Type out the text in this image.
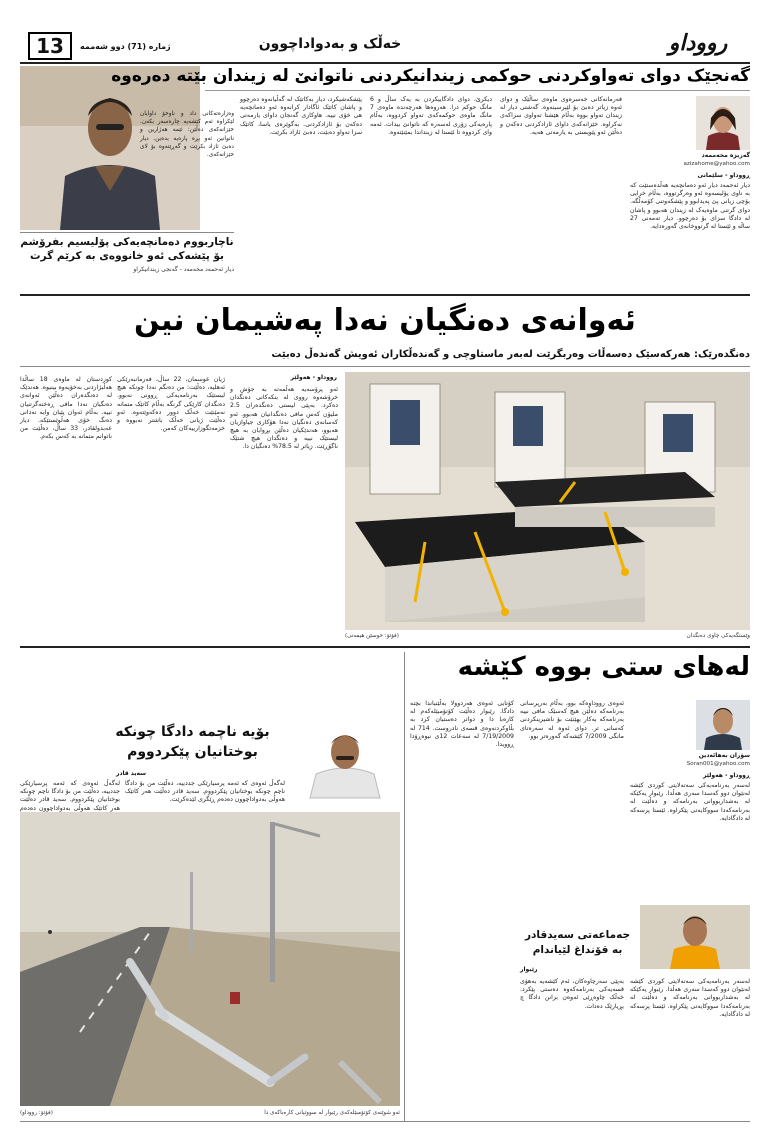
13	ژمارە (71) دوو شەممە	خەڵک و بەدواداچوون	رووداو
گەنجێک دوای تەواوکردنی حوکمی زیندانیکردنی ناتوانێ لە زیندان بێتە دەرەوە
گەزیزە محەممەد
azizahome@yahoo.com
ڕووداو - سلێمانی
دیار ئەحمەد دیار ئەو دەمانچەیە هەڵدەستێت کە بە ناوی پۆلیسەوە ئەو وەرگرتووە، بەڵام خرایی بۆچی زیانی پێ پەیدابوو و پێشکەوتنی کۆمەڵگە. دوای گرتنی ماوەیەک لە زیندان هەبوو و پاشان لە دادگا سزای بۆ دەرچوو. دیار تەمەنی 27 ساڵە و ئێستا لە گرتووخانەی گەورەدایە.
فەرمانەکانی خەسرەوی ماوەی ساڵێک و دوای ئەوە زیاتر دەبێ بۆ لێپرسینەوە. گەشتی دیار لە زیندان تەواو بووە بەڵام هێشتا تەواوی سزاکەی نەکراوە. خێزانەکەی داوای ئازادکردنی دەکەن و دەڵێن ئەو پێویستی بە یارمەتی هەیە.
دیکرێ، دوای دادگاییکردن بە یەک ساڵ و 6 مانگ حوکم درا. هەروەها هەرچەندە ماوەی 7 مانگ ماوەی حوکمەکەی تەواو کردووە، بەڵام پارەیەکی زۆری لەسەرە کە ناتوانێ بیدات. ئەمە وای کردووە تا ئێستا لە زینداندا بمێنێتەوە.
پێشکەشیکرد، دیار بەکاتێک لە گەڵیانەوە دەرچوو و پاشان کاتێک ئاگادار کرانەوە ئەو دەمانچەیە هی خۆی نییە. هاوکاری گەنجان داوای یارمەتی دەکەن بۆ ئازادکردنی. بەگوێرەی یاسا، کاتێک سزا تەواو دەبێت، دەبێ ئازاد بکرێت.
وەزارەتەکانی داد و ناوخۆ داوایان لێکراوە ئەم کێشەیە چارەسەر بکەن. خێزانەکەی دەڵێن: ئێمە هەژارین و ناتوانین ئەو بڕە پارەیە بدەین. دیار دەبێ ئازاد بکرێت و گەڕێتەوە بۆ لای خێزانەکەی.
ناچاربووم دەمانچەیەکی پۆلیسیم بفرۆشم بۆ پێشەکی ئەو خانووەی بە کرێم گرت
دیار ئەحمەد محەمەد - گەنجی زیندانیکراو
ئەوانەی دەنگیان نەدا پەشیمان نین
دەنگدەرێک: هەرکەسێک دەسەڵات وەربگرێت لەبەر ماستاوچی و گەندەڵکاران ئەویش گەندەڵ دەبێت
(فۆتۆ: حوسێن هیمەنی)	وێستگەیەکی چاوی دەنگدان
رووداو - هەولێر
ئەو پرۆسەیە هەڵمەتە بە جۆش و خرۆشەوە رووی لە بنکەکانی دەنگدان دەکرد. بەپێی لیستی دەنگدەران 2.5 ملیۆن کەس مافی دەنگدانیان هەبوو. ئەو کەسانەی دەنگیان نەدا هۆکاری جیاوازیان هەبوو، هەندێکیان دەڵێن بڕوایان بە هیچ لیستێک نییە و دەنگدان هیچ شتێک ناگۆڕێت. زیاتر لە 78.5% دەنگیان دا.
ژیان عوسمان، 22 ساڵ، فەرمانبەرێکی ئەهلیە، دەڵێت: من دەنگم نەدا چونکە هیچ لیستێک بەرنامەیەکی ڕوونی نەبوو. دەنگدان کارێکی گرنگە بەڵام کاتێک متمانە نەمێنێت خەڵک دوور دەکەوێتەوە. ئەو دەڵێت ژیانی خەڵک باشتر نەبووە و خزمەتگوزارییەکان کەمن.
کوردستان لە ماوەی 18 ساڵدا هەڵبژاردنی بەخۆیەوە بینیوە. هەندێک لە دەنگدەران دەڵێن ئەوانەی دەنگیان نەدا مافی ڕەخنەگرتنیان نییە. بەڵام ئەوان پێیان وایە نەدانی دەنگ خۆی هەڵوێستێکە. دیار عەبدولقادر، 33 ساڵ، دەڵێت من ناتوانم متمانە بە کەس بکەم.
لەهای ستی بووە کێشە
سۆران بەهائەدین
Soran001@yahoo.com
ڕووداو - هەولێر
لەسەر بەرنامەیەکی سەتەلایتی کوردی کێشە لەنێوان دوو کەسدا سەری هەڵدا. رێبوار یەکێکە لە بەشداربووانی بەرنامەکە و دەڵێت لە بەرنامەکەدا سووکایەتی پێکراوە. ئێستا پرسەکە لە دادگادایە.
ئەوەی رووداوەکە بوو، بەڵام بەرپرسانی بەرنامەکە دەڵێن هیچ کەسێک مافی نییە بەرنامەکە بەکار بهێنێت بۆ ناشیرینکردنی کەسانی تر. دوای ئەوە لە سەرەتای مانگی 7/2009 کێشەکە گەورەتر بوو.
کۆتایی ئەوەی هەردوولا بەڵێنیاندا بچنە دادگا. رێبوار دەڵێت کۆتۆمبێلەکەم لە کارەبا دا و دواتر دەستیان کرد بە بڵاوکردنەوەی قسەی نادروست. 714 لە 7/19/2009 لە سەعات 12ی نیوەڕۆدا ڕوویدا.
جەماعەتی سەیدقادر بە قۆنداغ لێیاندام
رێبوار
بەپێی سەرچاوەکان، ئەم کێشەیە بەهۆی قسەیەکی بەرنامەکەوە دەستی پێکرد. خەڵک چاوەڕێی ئەوەن بزانن دادگا چ بڕیارێک دەدات.
لەسەر بەرنامەیەکی سەتەلایتی کوردی کێشە لەنێوان دوو کەسدا سەری هەڵدا. رێبوار یەکێکە لە بەشداربووانی بەرنامەکە و دەڵێت لە بەرنامەکەدا سووکایەتی پێکراوە. ئێستا پرسەکە لە دادگادایە.
بۆیە ناچمە دادگا چونکە بوختانیان پێکردووم
سەید قادر
لەگەڵ ئەوەی کە ئەمە پرسیارێکی جددییە، دەڵێت من بۆ دادگا ناچم چونکە بوختانیان پێکردووم. سەید قادر دەڵێت هەر کاتێک هەوڵی بەدواداچوون دەدەم
لەگەڵ ئەوەی کە ئەمە پرسیارێکی جددییە، دەڵێت من بۆ دادگا ناچم چونکە بوختانیان پێکردووم. سەید قادر دەڵێت هەر کاتێک هەوڵی بەدواداچوون دەدەم ڕێگری لێدەکرێت.
(فۆتۆ: رووداو)	ئەو شوێنەی کۆتۆمبێلەکەی رێبوار لە سووتیانی کارەباکەی دا
